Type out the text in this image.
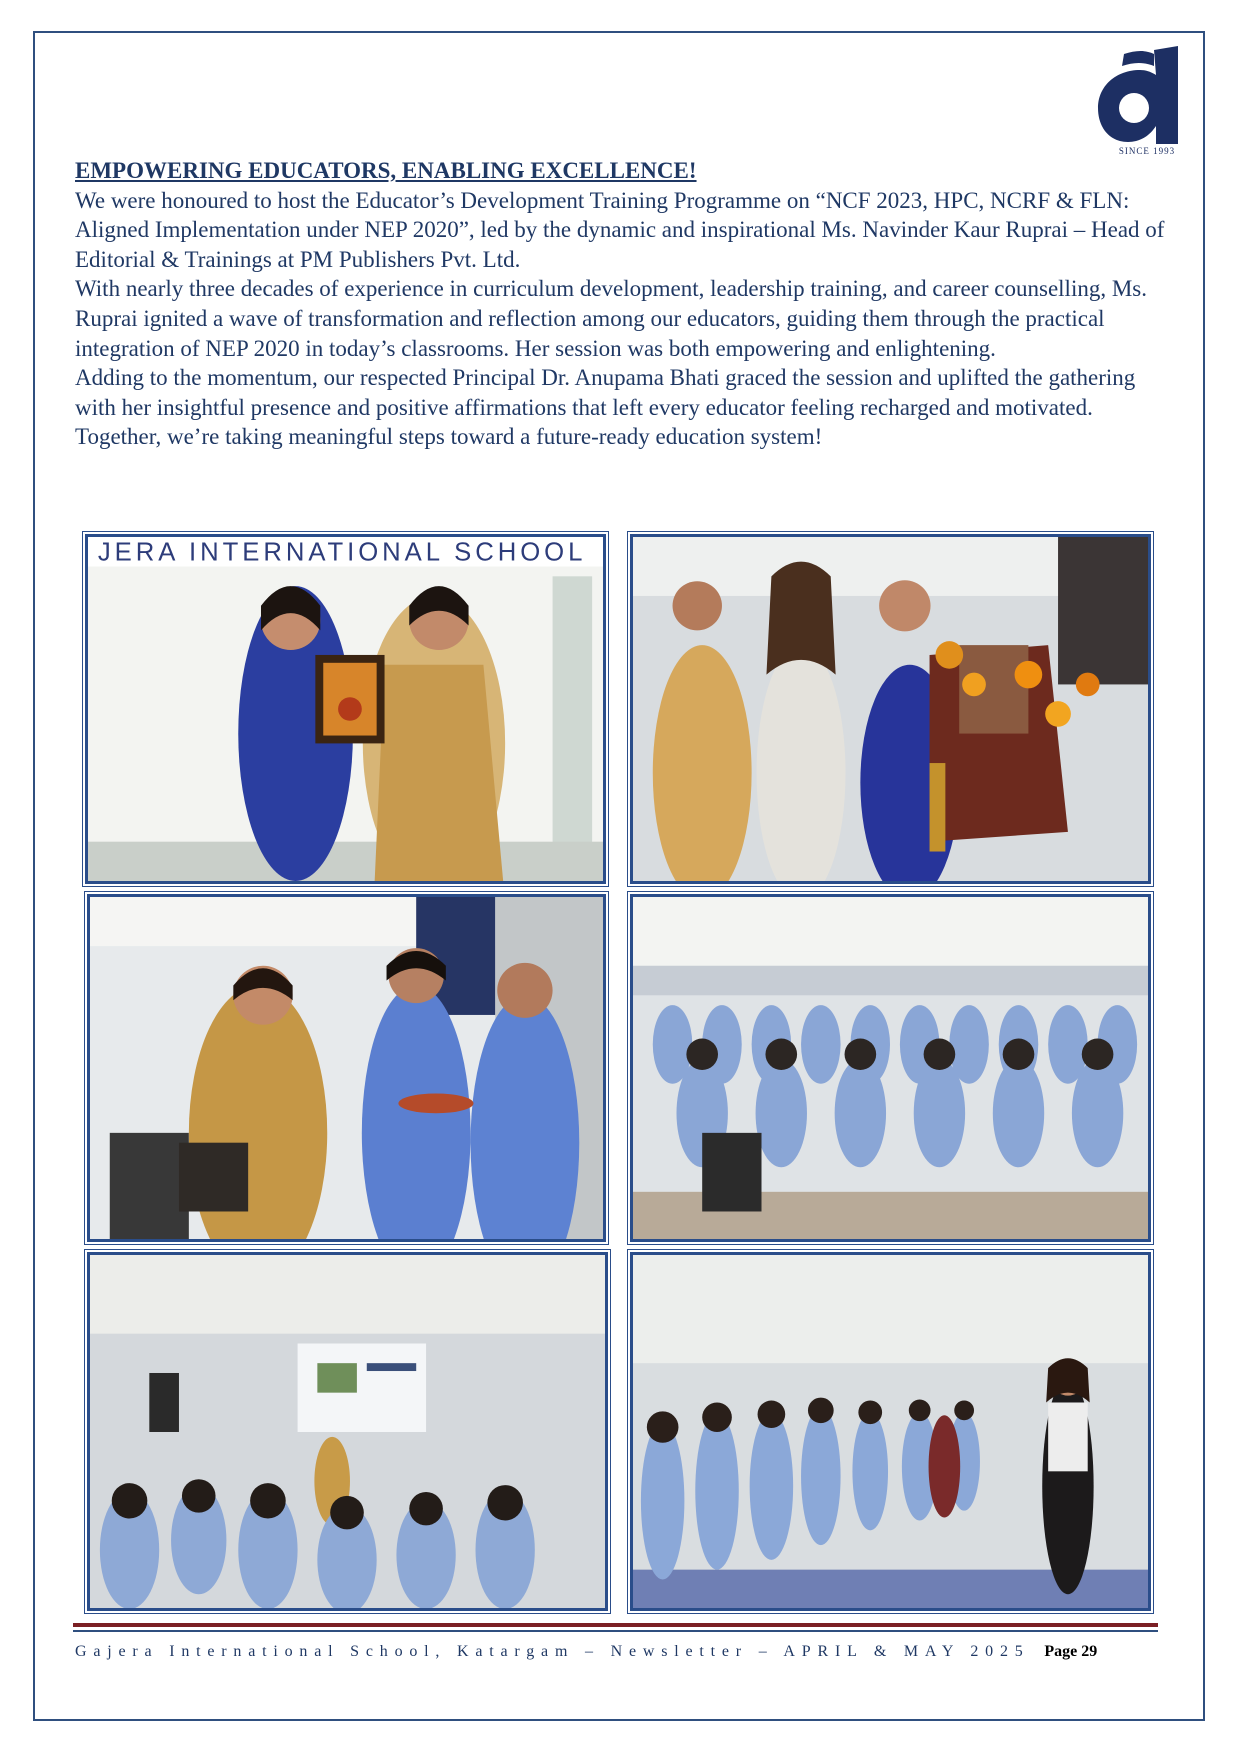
SINCE 1993
EMPOWERING EDUCATORS, ENABLING EXCELLENCE!

We were honoured to host the Educator’s Development Training Programme on “NCF 2023, HPC, NCRF & FLN: Aligned Implementation under NEP 2020”, led by the dynamic and inspirational Ms. Navinder Kaur Ruprai – Head of Editorial & Trainings at PM Publishers Pvt. Ltd.

With nearly three decades of experience in curriculum development, leadership training, and career counselling, Ms. Ruprai ignited a wave of transformation and reflection among our educators, guiding them through the practical integration of NEP 2020 in today’s classrooms. Her session was both empowering and enlightening.

Adding to the momentum, our respected Principal Dr. Anupama Bhati graced the session and uplifted the gathering with her insightful presence and positive affirmations that left every educator feeling recharged and motivated.

Together, we’re taking meaningful steps toward a future-ready education system!

JERA INTERNATIONAL SCHOOL
Gajera International School, Katargam – Newsletter – APRIL & MAY 2025 Page 29
